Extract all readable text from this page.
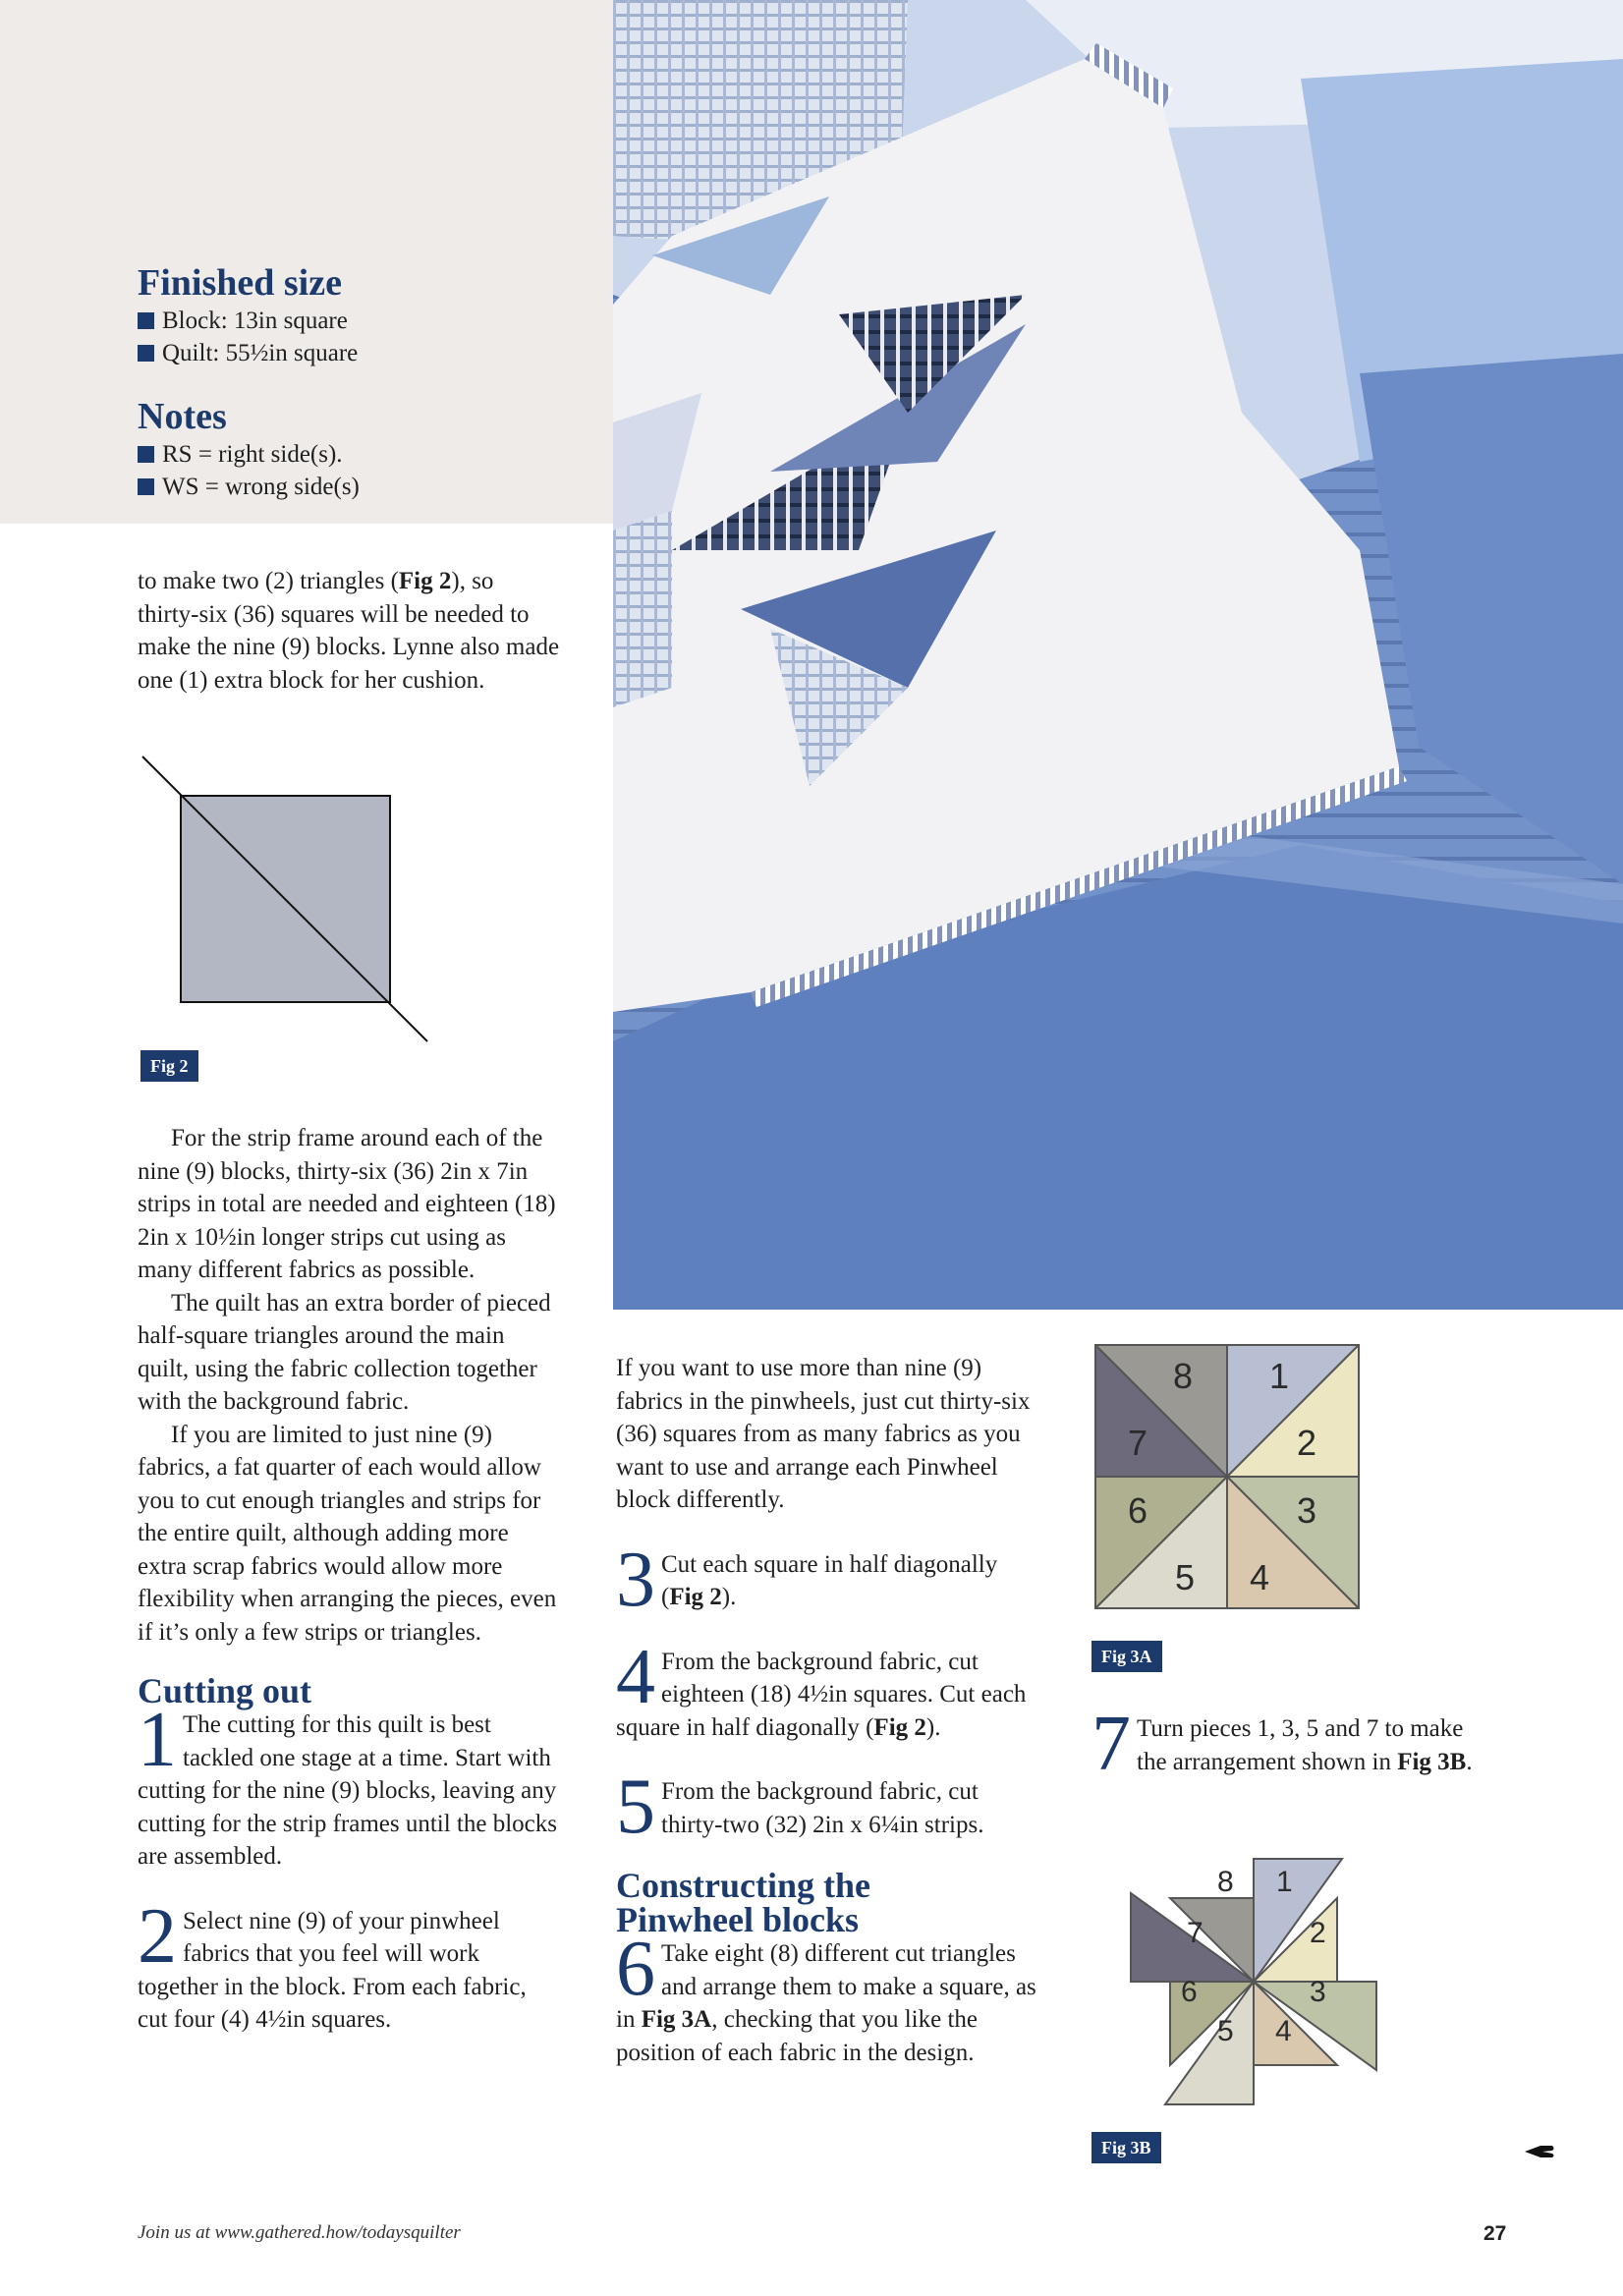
Finished size
Block: 13in square
Quilt: 55½in square
Notes
RS = right side(s).
WS = wrong side(s)

to make two (2) triangles (Fig 2), so thirty-six (36) squares will be needed to make the nine (9) blocks. Lynne also made one (1) extra block for her cushion.

Fig 2

For the strip frame around each of the nine (9) blocks, thirty-six (36) 2in x 7in strips in total are needed and eighteen (18) 2in x 10½in longer strips cut using as many different fabrics as possible.

The quilt has an extra border of pieced half-square triangles around the main quilt, using the fabric collection together with the background fabric.

If you are limited to just nine (9) fabrics, a fat quarter of each would allow you to cut enough triangles and strips for the entire quilt, although adding more extra scrap fabrics would allow more flexibility when arranging the pieces, even if it’s only a few strips or triangles.

Cutting out

1 The cutting for this quilt is best tackled one stage at a time. Start with cutting for the nine (9) blocks, leaving any cutting for the strip frames until the blocks are assembled.

2 Select nine (9) of your pinwheel fabrics that you feel will work together in the block. From each fabric, cut four (4) 4½in squares.

If you want to use more than nine (9) fabrics in the pinwheels, just cut thirty-six (36) squares from as many fabrics as you want to use and arrange each Pinwheel block differently.

3 Cut each square in half diagonally (Fig 2).

4 From the background fabric, cut eighteen (18) 4½in squares. Cut each square in half diagonally (Fig 2).

5 From the background fabric, cut thirty-two (32) 2in x 6¼in strips.

Constructing the
Pinwheel blocks

6 Take eight (8) different cut triangles and arrange them to make a square, as in Fig 3A, checking that you like the position of each fabric in the design.

1
2
3
4
5
6
7
8
Fig 3A

7 Turn pieces 1, 3, 5 and 7 to make the arrangement shown in Fig 3B.

1
2
3
4
5
6
7
8
Fig 3B
Join us at www.gathered.how/todaysquilter	27
